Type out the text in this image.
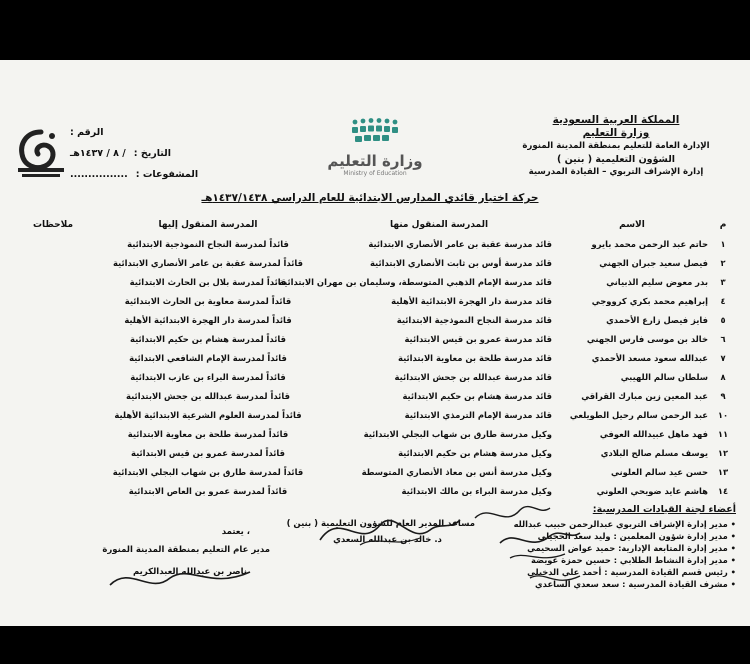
المملكة العربية السعودية
وزارة التعليم
الإدارة العامة للتعليم بمنطقة المدينة المنورة
الشؤون التعليمية ( بنين )
إدارة الإشراف التربوي – القيادة المدرسية
وزارة التعليم
Ministry of Education
الرقم :
التاريخ :
/ ٨ / ١٤٣٧هـ
المشفوعات :
................
حركة اختيار قائدي المدارس الابتدائية للعام الدراسي ١٤٣٧/١٤٣٨هـ
م	الاسم	المدرسة المنقول منها	المدرسة المنقول إليها	ملاحظات
١	حاتم عبد الرحمن محمد بايرو	قائد مدرسة عقبة بن عامر الأنصاري الابتدائية	قائداً لمدرسة النجاح النموذجية الابتدائية	
٢	فيصل سعيد جبران الجهني	قائد مدرسة أوس بن ثابت الأنصاري الابتدائية	قائداً لمدرسة عقبة بن عامر الأنصاري الابتدائية	
٣	بدر معوض سليم الذبياني	قائد مدرسة الإمام الذهبي المتوسطة، وسليمان بن مهران الابتدائية	قائداً لمدرسة بلال بن الحارث الابتدائية	
٤	إبراهيم محمد بكري كرووجي	قائد مدرسة دار الهجرة الابتدائية الأهلية	قائداً لمدرسة معاوية بن الحارث الابتدائية	
٥	فايز فيصل زارع الأحمدي	قائد مدرسة النجاح النموذجية الابتدائية	قائداً لمدرسة دار الهجرة الابتدائية الأهلية	
٦	خالد بن موسى فارس الجهني	قائد مدرسة عمرو بن قيس الابتدائية	قائداً لمدرسة هشام بن حكيم الابتدائية	
٧	عبدالله سعود مسعد الأحمدي	قائد مدرسة طلحة بن معاوية الابتدائية	قائداً لمدرسة الإمام الشافعي الابتدائية	
٨	سلطان سالم اللهيبي	قائد مدرسة عبدالله بن جحش الابتدائية	قائداً لمدرسة البراء بن عازب الابتدائية	
٩	عبد المعين زين مبارك القراقي	قائد مدرسة هشام بن حكيم الابتدائية	قائداً لمدرسة عبدالله بن جحش الابتدائية	
١٠	عبد الرحمن سالم رحيل الطويلعي	قائد مدرسة الإمام الترمذي الابتدائية	قائداً لمدرسة العلوم الشرعية الابتدائية الأهلية	
١١	فهد ماهل عبيدالله العوفي	وكيل مدرسة طارق بن شهاب البجلي الابتدائية	قائداً لمدرسة طلحة بن معاوية الابتدائية	
١٢	يوسف مسلم صالح البلادي	وكيل مدرسة هشام بن حكيم الابتدائية	قائداً لمدرسة عمرو بن قيس الابتدائية	
١٣	حسن عيد سالم العلوني	وكيل مدرسة أنس بن معاذ الأنصاري المتوسطة	قائداً لمدرسة طارق بن شهاب البجلي الابتدائية	
١٤	هاشم عايد ضويحي العلوني	وكيل مدرسة البراء بن مالك الابتدائية	قائداً لمدرسة عمرو بن العاص الابتدائية	
أعضاء لجنة القيادات المدرسية:
• مدير إدارة الإشراف التربوي عبدالرحمن حبيب عبدالله
• مدير إدارة شؤون المعلمين : وليد سعد الحجيلي
• مدير إدارة المتابعة الإدارية: حميد عواض السحيمي
• مدير إدارة النشاط الطلابي : حسين حمزة عويضة
• رئيس قسم القيادة المدرسية : أحمد علي الدخيلي
• مشرف القيادة المدرسية : سعد سعدي الساعدي
مساعد المدير العام للشؤون التعليمية ( بنين )
د. خالد بن عبدالله السعدي
يعتمد ،
مدير عام التعليم بمنطقة المدينة المنورة
ناصر بن عبدالله العبدالكريم
